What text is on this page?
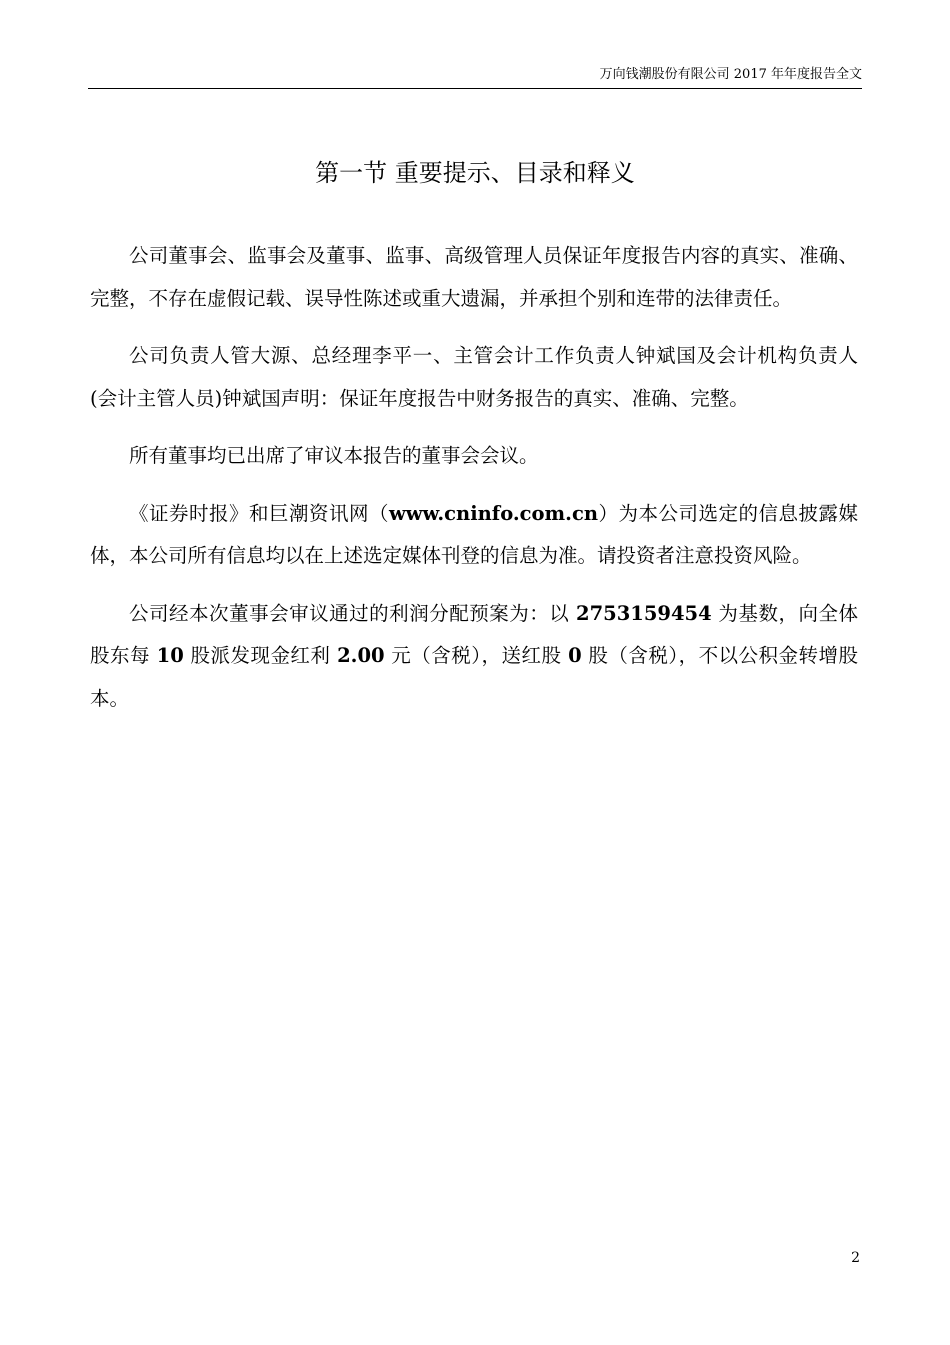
万向钱潮股份有限公司 2017 年年度报告全文
第一节 重要提示、目录和释义

公司董事会、监事会及董事、监事、高级管理人员保证年度报告内容的真实、准确、完整，不存在虚假记载、误导性陈述或重大遗漏，并承担个别和连带的法律责任。

公司负责人管大源、总经理李平一、主管会计工作负责人钟斌国及会计机构负责人(会计主管人员)钟斌国声明：保证年度报告中财务报告的真实、准确、完整。

所有董事均已出席了审议本报告的董事会会议。

《证券时报》和巨潮资讯网（www.cninfo.com.cn）为本公司选定的信息披露媒体，本公司所有信息均以在上述选定媒体刊登的信息为准。请投资者注意投资风险。

公司经本次董事会审议通过的利润分配预案为：以 2753159454 为基数，向全体股东每 10 股派发现金红利 2.00 元（含税），送红股 0 股（含税），不以公积金转增股本。

2
